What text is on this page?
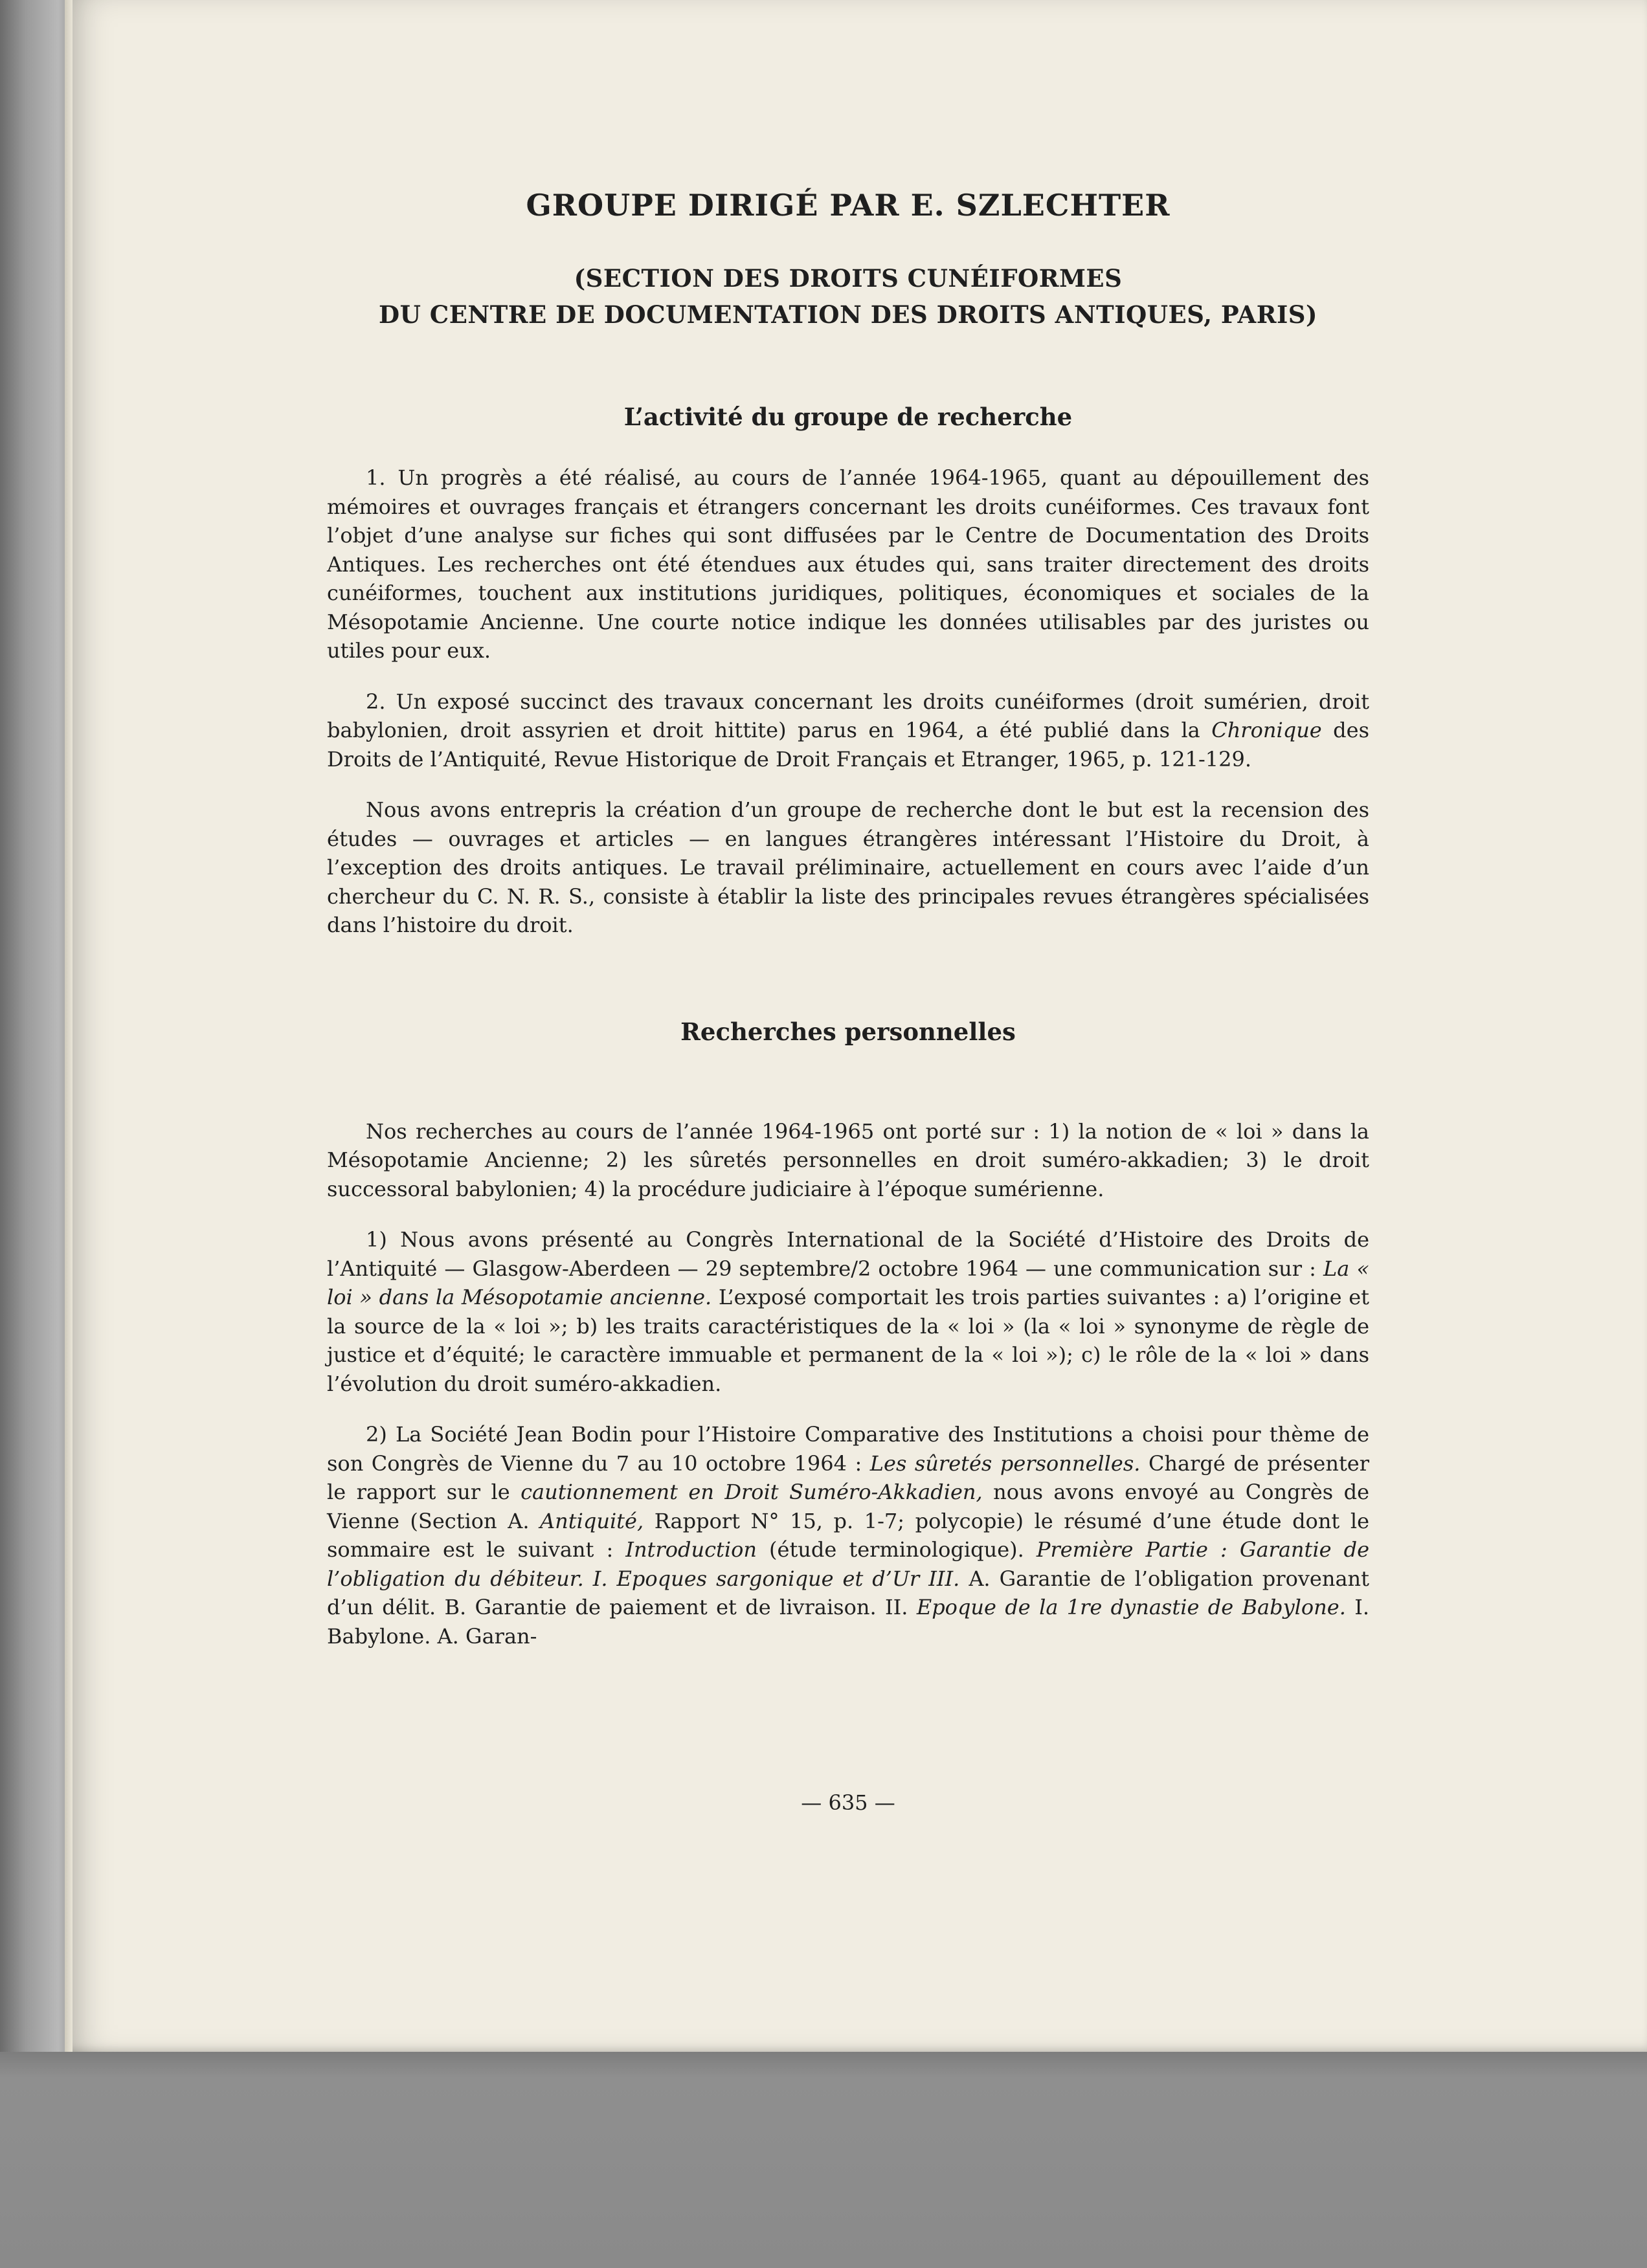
GROUPE DIRIGÉ PAR E. SZLECHTER
(SECTION DES DROITS CUNÉIFORMES
DU CENTRE DE DOCUMENTATION DES DROITS ANTIQUES, PARIS)
L’activité du groupe de recherche

1. Un progrès a été réalisé, au cours de l’année 1964-1965, quant au dépouillement des mémoires et ouvrages français et étrangers concernant les droits cunéiformes. Ces travaux font l’objet d’une analyse sur fiches qui sont diffusées par le Centre de Documentation des Droits Antiques. Les recherches ont été étendues aux études qui, sans traiter directement des droits cunéiformes, touchent aux institutions juridiques, politiques, économiques et sociales de la Mésopotamie Ancienne. Une courte notice indique les données utilisables par des juristes ou utiles pour eux.

2. Un exposé succinct des travaux concernant les droits cunéiformes (droit sumérien, droit babylonien, droit assyrien et droit hittite) parus en 1964, a été publié dans la Chronique des Droits de l’Antiquité, Revue Historique de Droit Français et Etranger, 1965, p. 121-129.

Nous avons entrepris la création d’un groupe de recherche dont le but est la recension des études — ouvrages et articles — en langues étrangères intéressant l’Histoire du Droit, à l’exception des droits antiques. Le travail préliminaire, actuellement en cours avec l’aide d’un chercheur du C. N. R. S., consiste à établir la liste des principales revues étrangères spécialisées dans l’histoire du droit.

Recherches personnelles

Nos recherches au cours de l’année 1964-1965 ont porté sur : 1) la notion de « loi » dans la Mésopotamie Ancienne; 2) les sûretés personnelles en droit suméro-akkadien; 3) le droit successoral babylonien; 4) la procédure judiciaire à l’époque sumérienne.

1) Nous avons présenté au Congrès International de la Société d’Histoire des Droits de l’Antiquité — Glasgow-Aberdeen — 29 septembre/2 octobre 1964 — une communication sur : La « loi » dans la Mésopotamie ancienne. L’exposé comportait les trois parties suivantes : a) l’origine et la source de la « loi »; b) les traits caractéristiques de la « loi » (la « loi » synonyme de règle de justice et d’équité; le caractère immuable et permanent de la « loi »); c) le rôle de la « loi » dans l’évolution du droit suméro-akkadien.

2) La Société Jean Bodin pour l’Histoire Comparative des Institutions a choisi pour thème de son Congrès de Vienne du 7 au 10 octobre 1964 : Les sûretés personnelles. Chargé de présenter le rapport sur le cautionnement en Droit Suméro-Akkadien, nous avons envoyé au Congrès de Vienne (Section A. Antiquité, Rapport N° 15, p. 1-7; polycopie) le résumé d’une étude dont le sommaire est le suivant : Introduction (étude terminologique). Première Partie : Garantie de l’obligation du débiteur. I. Epoques sargonique et d’Ur III. A. Garantie de l’obligation provenant d’un délit. B. Garantie de paiement et de livraison. II. Epoque de la 1re dynastie de Babylone. I. Babylone. A. Garan-

— 635 —
